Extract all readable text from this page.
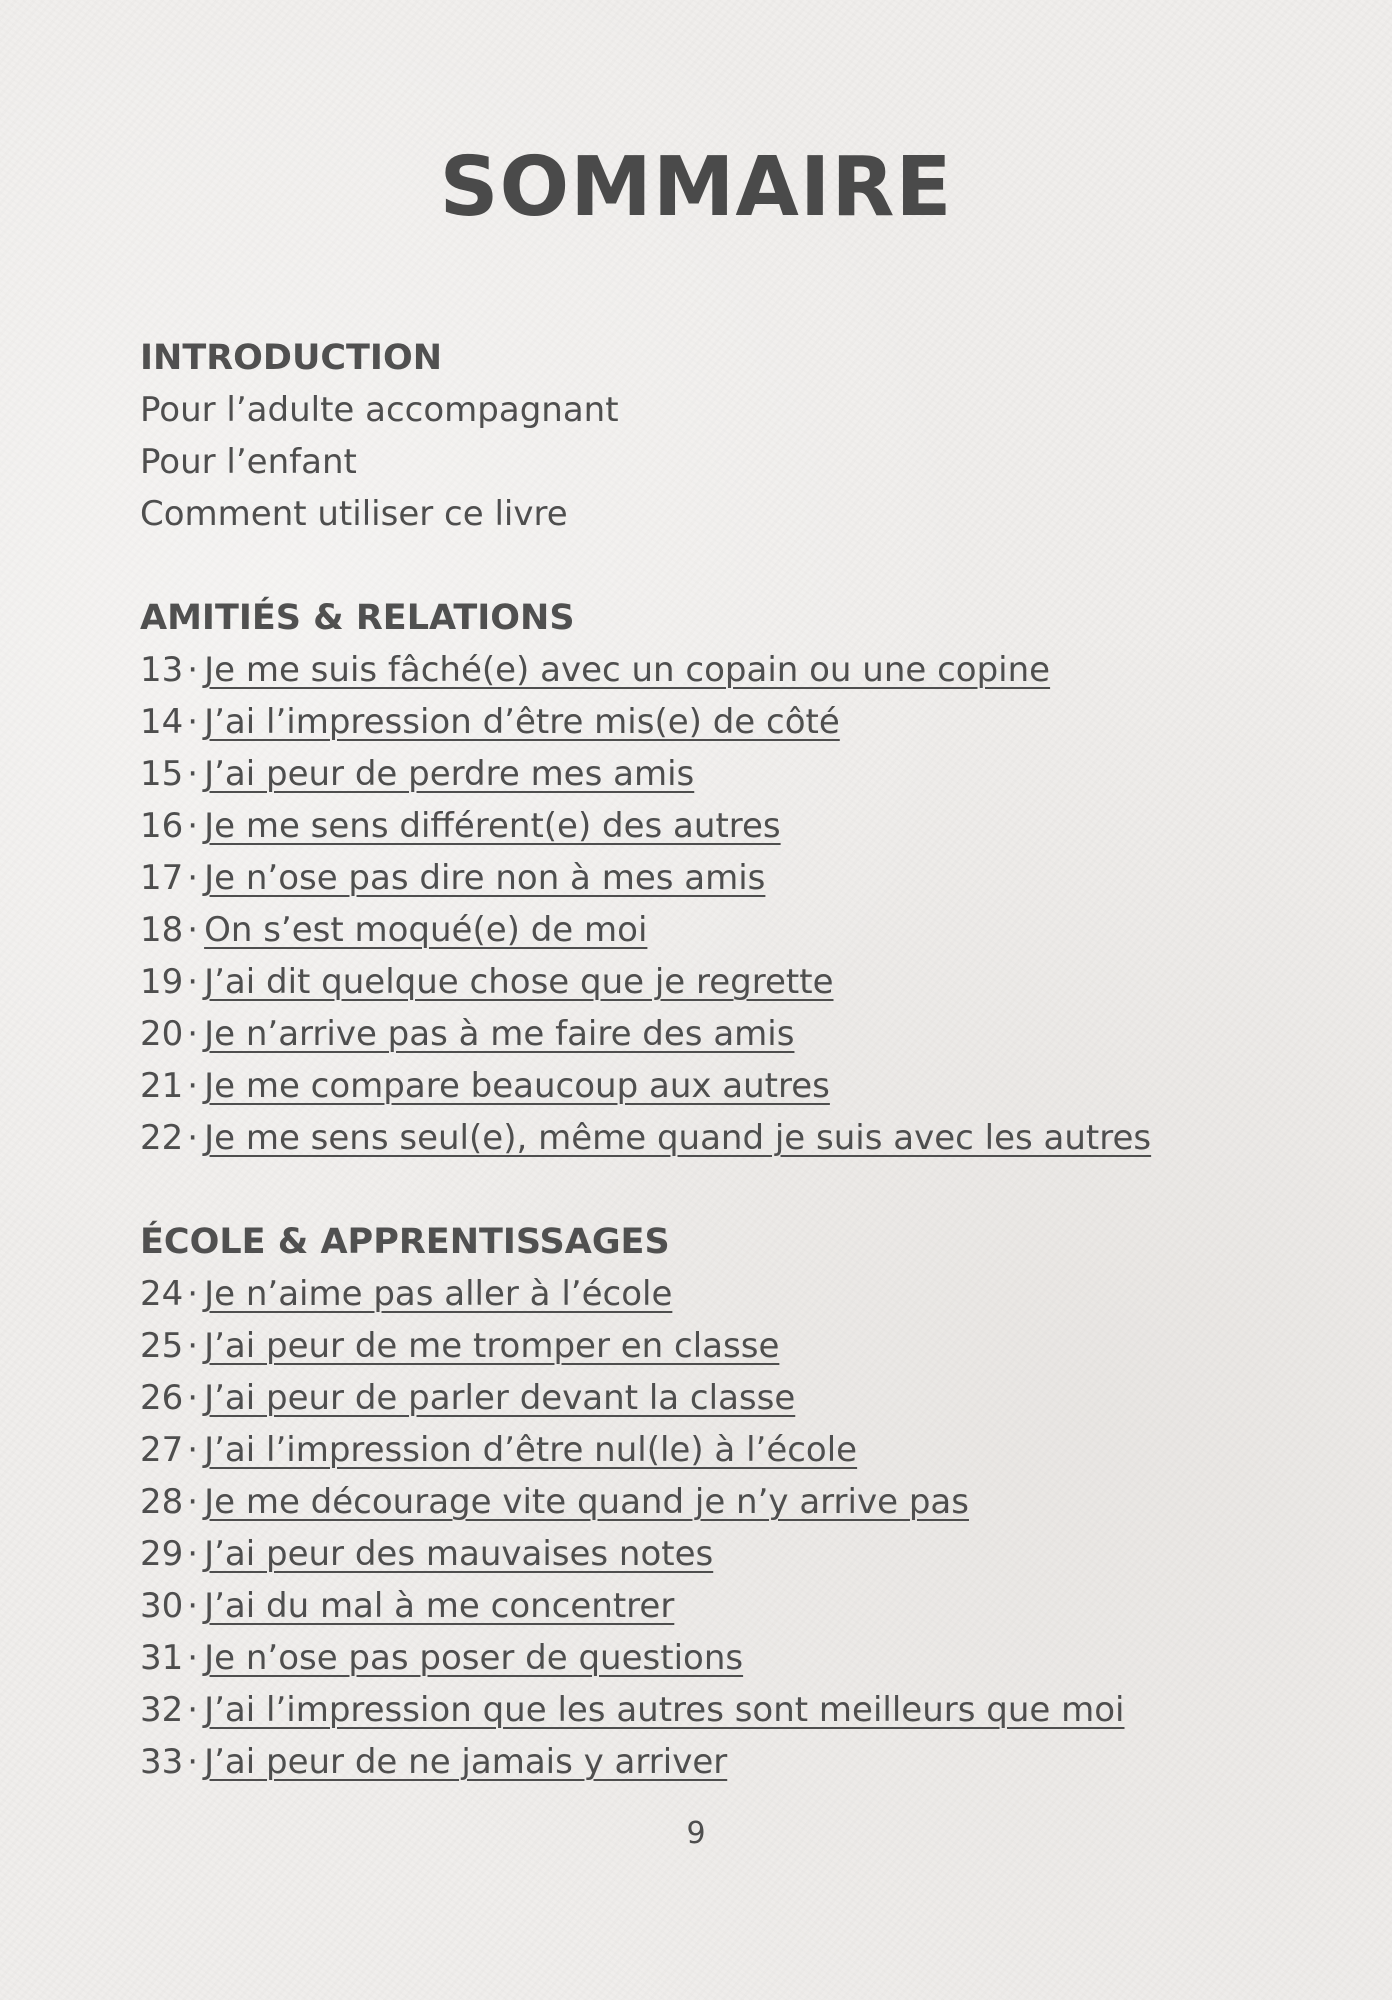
SOMMAIRE
INTRODUCTION
Pour l’adulte accompagnant
Pour l’enfant
Comment utiliser ce livre
AMITIÉS & RELATIONS
13 · Je me suis fâché(e) avec un copain ou une copine
14 · J’ai l’impression d’être mis(e) de côté
15 · J’ai peur de perdre mes amis
16 · Je me sens différent(e) des autres
17 · Je n’ose pas dire non à mes amis
18 · On s’est moqué(e) de moi
19 · J’ai dit quelque chose que je regrette
20 · Je n’arrive pas à me faire des amis
21 · Je me compare beaucoup aux autres
22 · Je me sens seul(e), même quand je suis avec les autres
ÉCOLE & APPRENTISSAGES
24 · Je n’aime pas aller à l’école
25 · J’ai peur de me tromper en classe
26 · J’ai peur de parler devant la classe
27 · J’ai l’impression d’être nul(le) à l’école
28 · Je me décourage vite quand je n’y arrive pas
29 · J’ai peur des mauvaises notes
30 · J’ai du mal à me concentrer
31 · Je n’ose pas poser de questions
32 · J’ai l’impression que les autres sont meilleurs que moi
33 · J’ai peur de ne jamais y arriver
9
